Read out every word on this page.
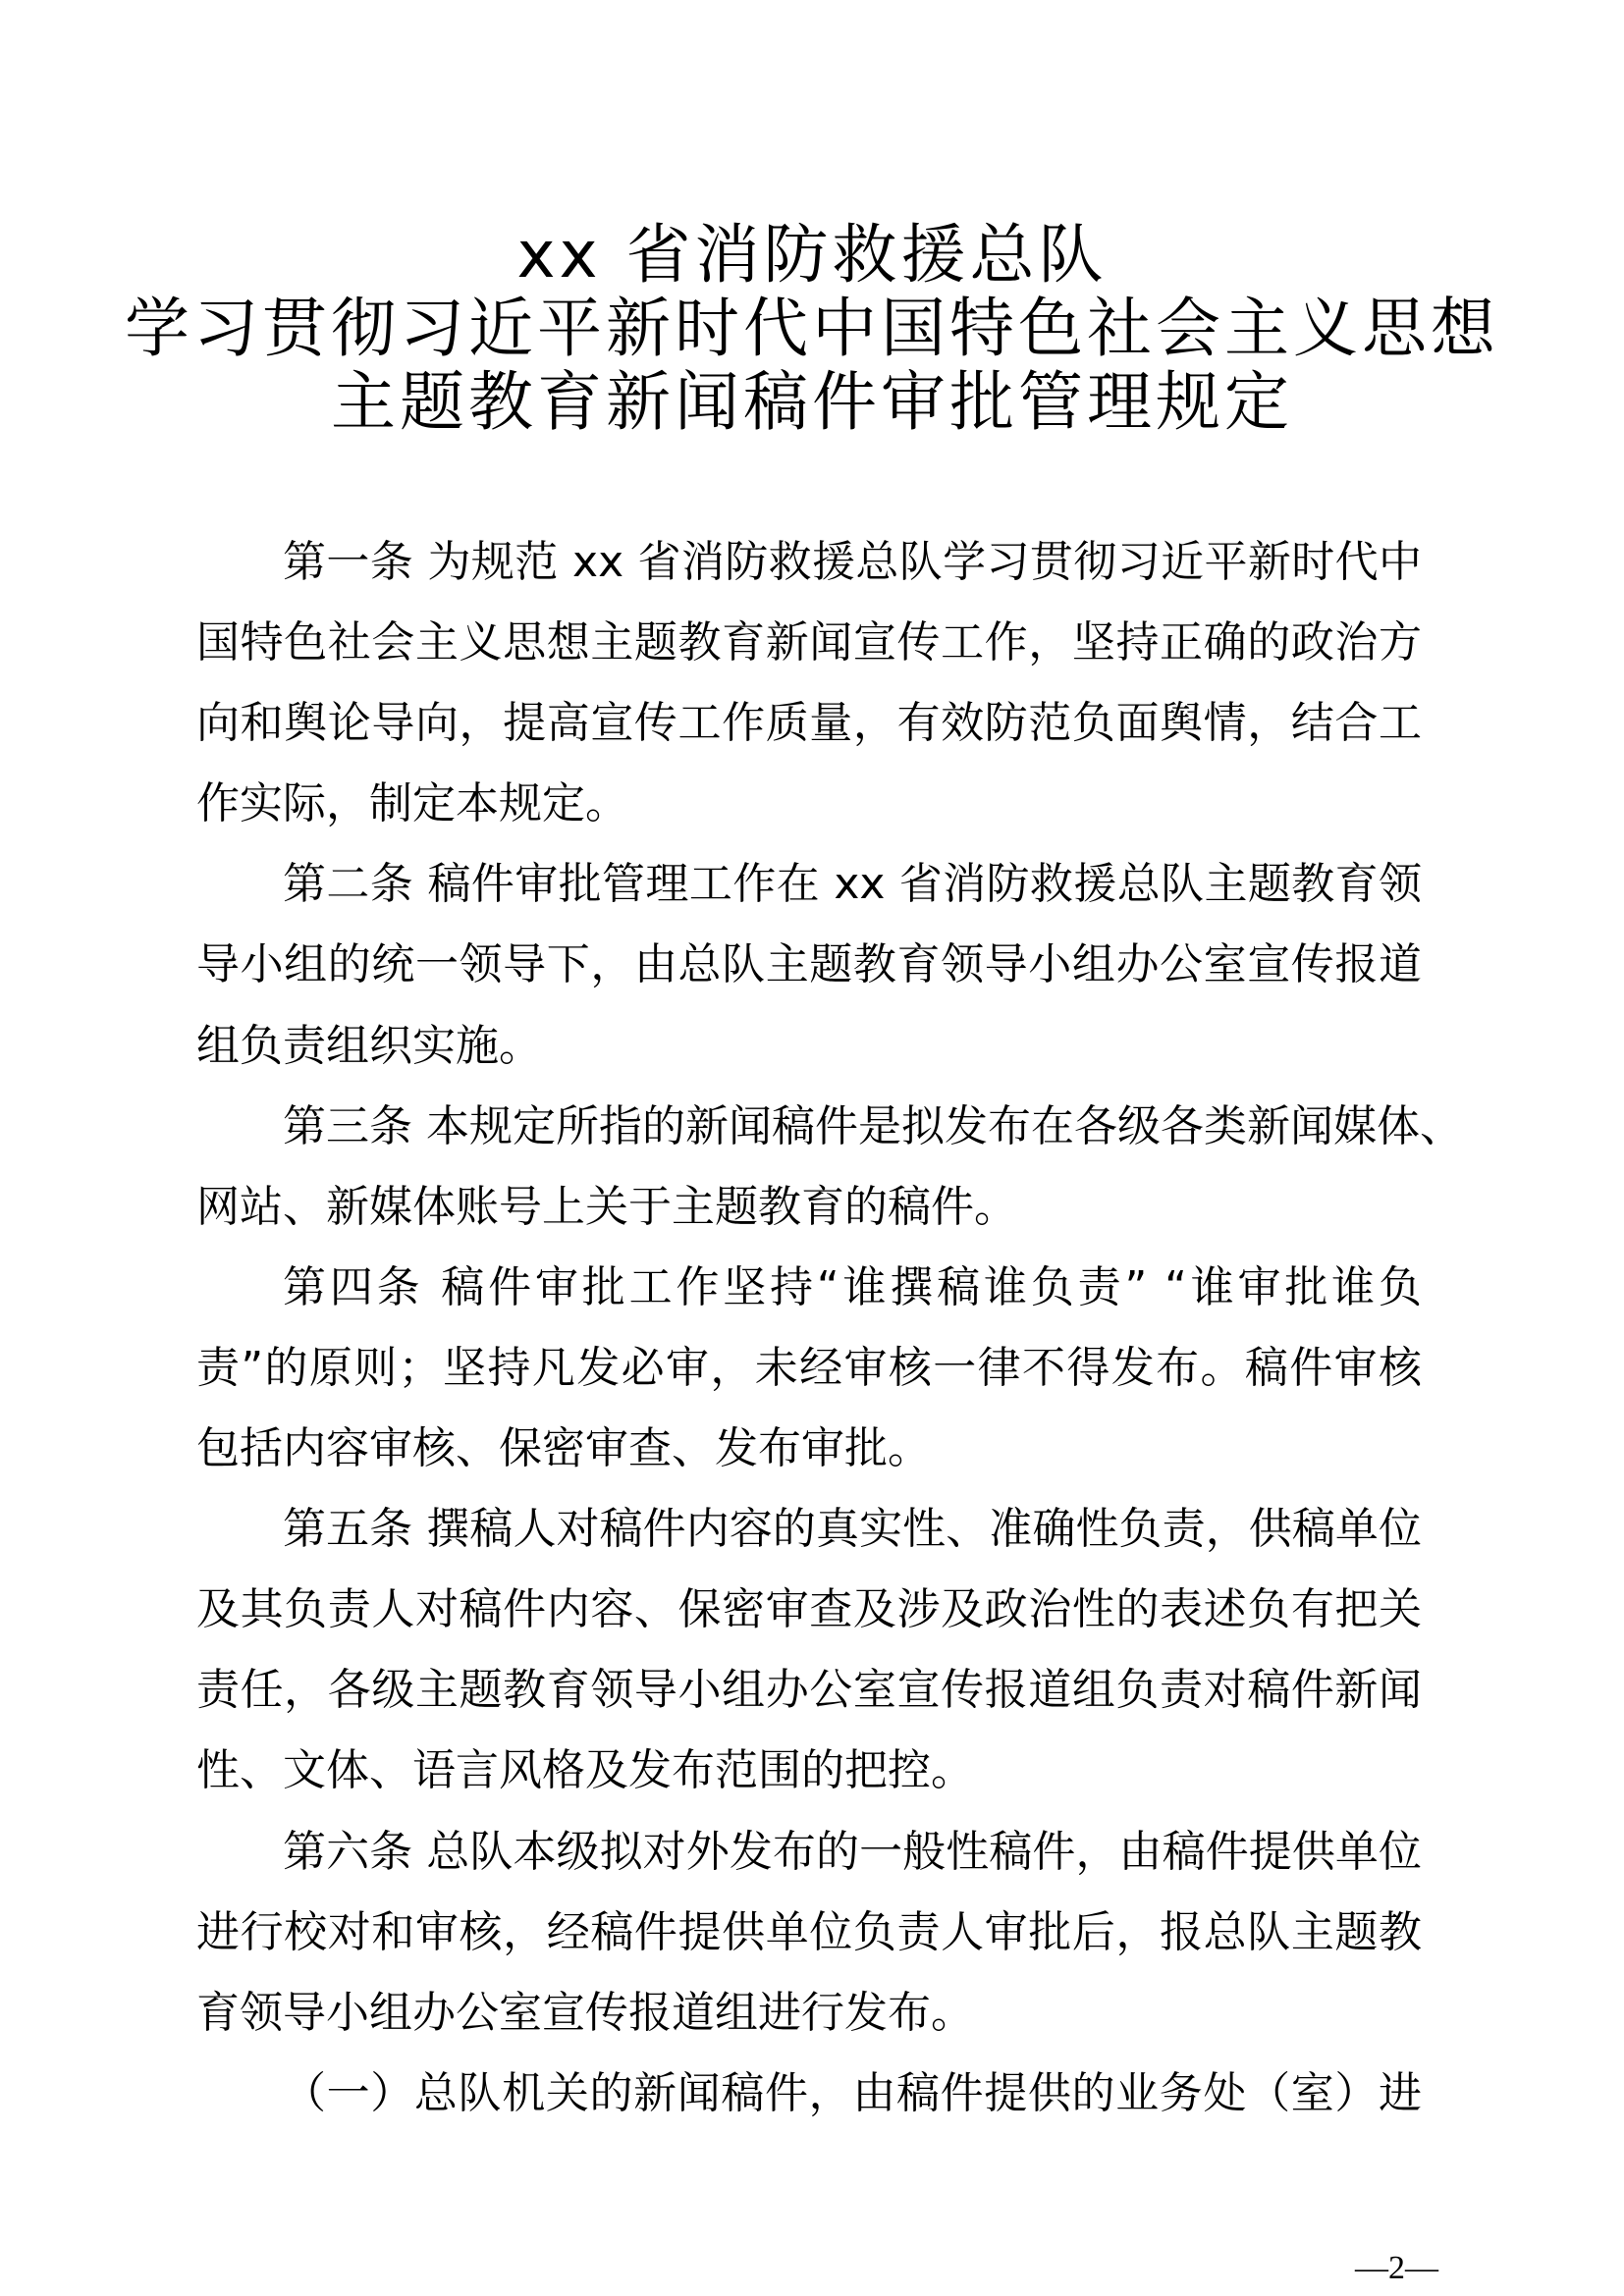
xx 省消防救援总队
学习贯彻习近平新时代中国特色社会主义思想
主题教育新闻稿件审批管理规定
第一条 为规范 xx 省消防救援总队学习贯彻习近平新时代中
国特色社会主义思想主题教育新闻宣传工作，坚持正确的政治方
向和舆论导向，提高宣传工作质量，有效防范负面舆情，结合工
作实际，制定本规定。
第二条 稿件审批管理工作在 xx 省消防救援总队主题教育领
导小组的统一领导下，由总队主题教育领导小组办公室宣传报道
组负责组织实施。
第三条 本规定所指的新闻稿件是拟发布在各级各类新闻媒体、
网站、新媒体账号上关于主题教育的稿件。
第四条 稿件审批工作坚持“谁撰稿谁负责” “谁审批谁负
责”的原则；坚持凡发必审，未经审核一律不得发布。稿件审核
包括内容审核、保密审查、发布审批。
第五条 撰稿人对稿件内容的真实性、准确性负责，供稿单位
及其负责人对稿件内容、保密审查及涉及政治性的表述负有把关
责任，各级主题教育领导小组办公室宣传报道组负责对稿件新闻
性、文体、语言风格及发布范围的把控。
第六条 总队本级拟对外发布的一般性稿件，由稿件提供单位
进行校对和审核，经稿件提供单位负责人审批后，报总队主题教
育领导小组办公室宣传报道组进行发布。
（一）总队机关的新闻稿件，由稿件提供的业务处（室）进
—2—
